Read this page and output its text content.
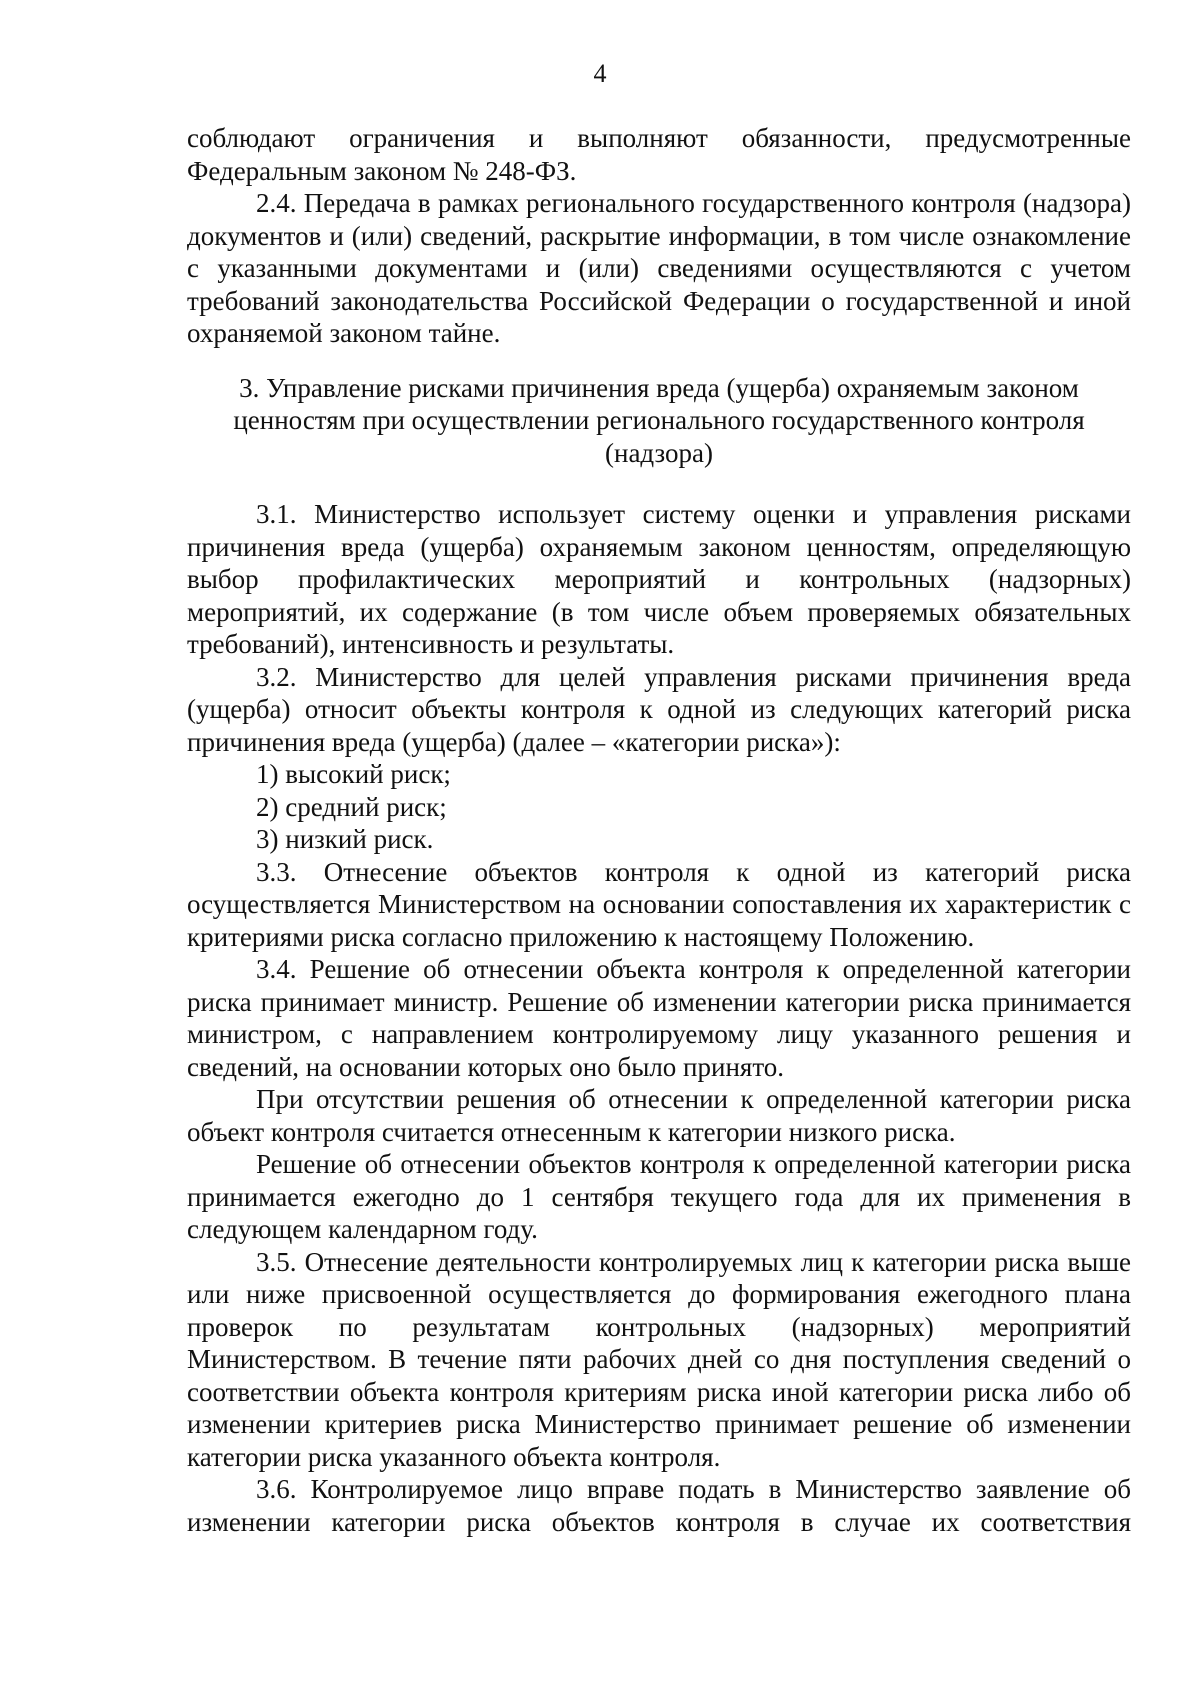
4

соблюдают ограничения и выполняют обязанности, предусмотренные Федеральным законом № 248-ФЗ.

2.4. Передача в рамках регионального государственного контроля (надзора) документов и (или) сведений, раскрытие информации, в том числе ознакомление с указанными документами и (или) сведениями осуществляются с учетом требований законодательства Российской Федерации о государственной и иной охраняемой законом тайне.

3. Управление рисками причинения вреда (ущерба) охраняемым законом ценностям при осуществлении регионального государственного контроля (надзора)

3.1. Министерство использует систему оценки и управления рисками причинения вреда (ущерба) охраняемым законом ценностям, определяющую выбор профилактических мероприятий и контрольных (надзорных) мероприятий, их содержание (в том числе объем проверяемых обязательных требований), интенсивность и результаты.

3.2. Министерство для целей управления рисками причинения вреда (ущерба) относит объекты контроля к одной из следующих категорий риска причинения вреда (ущерба) (далее – «категории риска»):

1) высокий риск;

2) средний риск;

3) низкий риск.

3.3. Отнесение объектов контроля к одной из категорий риска осуществляется Министерством на основании сопоставления их характеристик с критериями риска согласно приложению к настоящему Положению.

3.4. Решение об отнесении объекта контроля к определенной категории риска принимает министр. Решение об изменении категории риска принимается министром, с направлением контролируемому лицу указанного решения и сведений, на основании которых оно было принято.

При отсутствии решения об отнесении к определенной категории риска объект контроля считается отнесенным к категории низкого риска.

Решение об отнесении объектов контроля к определенной категории риска принимается ежегодно до 1 сентября текущего года для их применения в следующем календарном году.

3.5. Отнесение деятельности контролируемых лиц к категории риска выше или ниже присвоенной осуществляется до формирования ежегодного плана проверок по результатам контрольных (надзорных) мероприятий Министерством. В течение пяти рабочих дней со дня поступления сведений о соответствии объекта контроля критериям риска иной категории риска либо об изменении критериев риска Министерство принимает решение об изменении категории риска указанного объекта контроля.

3.6. Контролируемое лицо вправе подать в Министерство заявление об изменении категории риска объектов контроля в случае их соответствия
